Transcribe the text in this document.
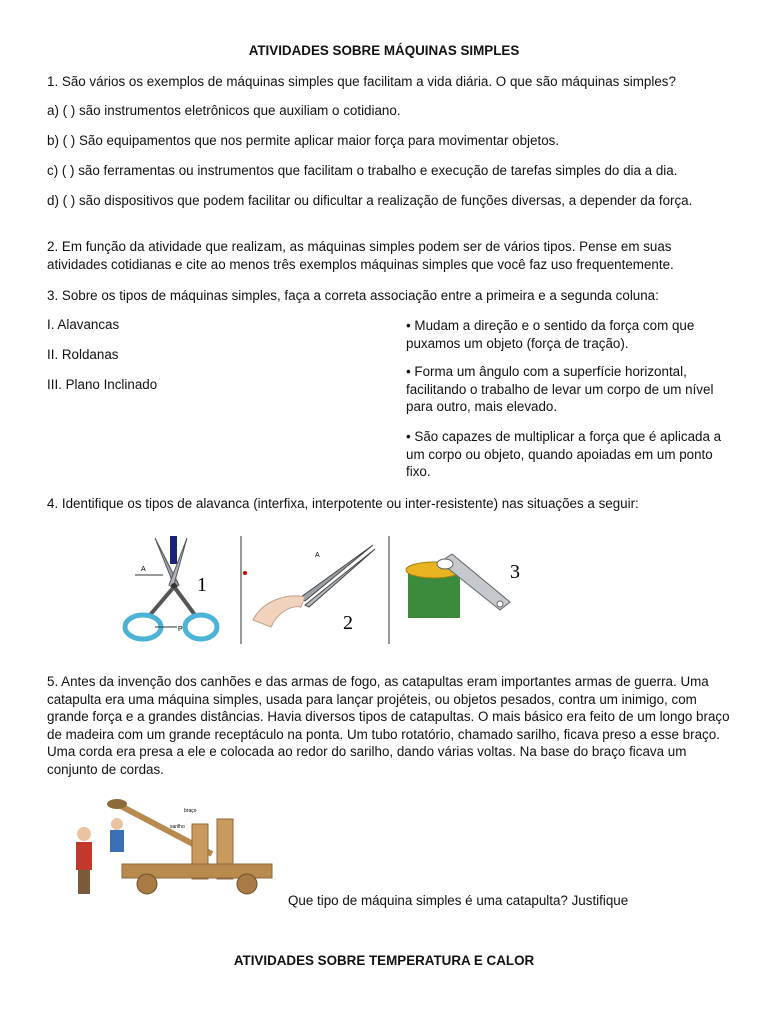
ATIVIDADES SOBRE MÁQUINAS SIMPLES

1. São vários os exemplos de máquinas simples que facilitam a vida diária. O que são máquinas simples?

a) ( ) são instrumentos eletrônicos que auxiliam o cotidiano.

b) ( ) São equipamentos que nos permite aplicar maior força para movimentar objetos.

c) ( ) são ferramentas ou instrumentos que facilitam o trabalho e execução de tarefas simples do dia a dia.

d) ( ) são dispositivos que podem facilitar ou dificultar a realização de funções diversas, a depender da força.

2. Em função da atividade que realizam, as máquinas simples podem ser de vários tipos. Pense em suas atividades cotidianas e cite ao menos três exemplos máquinas simples que você faz uso frequentemente.

3. Sobre os tipos de máquinas simples, faça a correta associação entre a primeira e a segunda coluna:

I. Alavancas
II. Roldanas
III. Plano Inclinado
• Mudam a direção e o sentido da força com que puxamos um objeto (força de tração).
• Forma um ângulo com a superfície horizontal, facilitando o trabalho de levar um corpo de um nível para outro, mais elevado.
• São capazes de multiplicar a força que é aplicada a um corpo ou objeto, quando apoiadas em um ponto fixo.

4. Identifique os tipos de alavanca (interfixa, interpotente ou inter-resistente) nas situações a seguir:

A
P
1
A
2
3

5. Antes da invenção dos canhões e das armas de fogo, as catapultas eram importantes armas de guerra. Uma catapulta era uma máquina simples, usada para lançar projéteis, ou objetos pesados, contra um inimigo, com grande força e a grandes distâncias. Havia diversos tipos de catapultas. O mais básico era feito de um longo braço de madeira com um grande receptáculo na ponta. Um tubo rotatório, chamado sarilho, ficava preso a esse braço. Uma corda era presa a ele e colocada ao redor do sarilho, dando várias voltas. Na base do braço ficava um conjunto de cordas.

braço
sarilho

Que tipo de máquina simples é uma catapulta? Justifique

ATIVIDADES SOBRE TEMPERATURA E CALOR
